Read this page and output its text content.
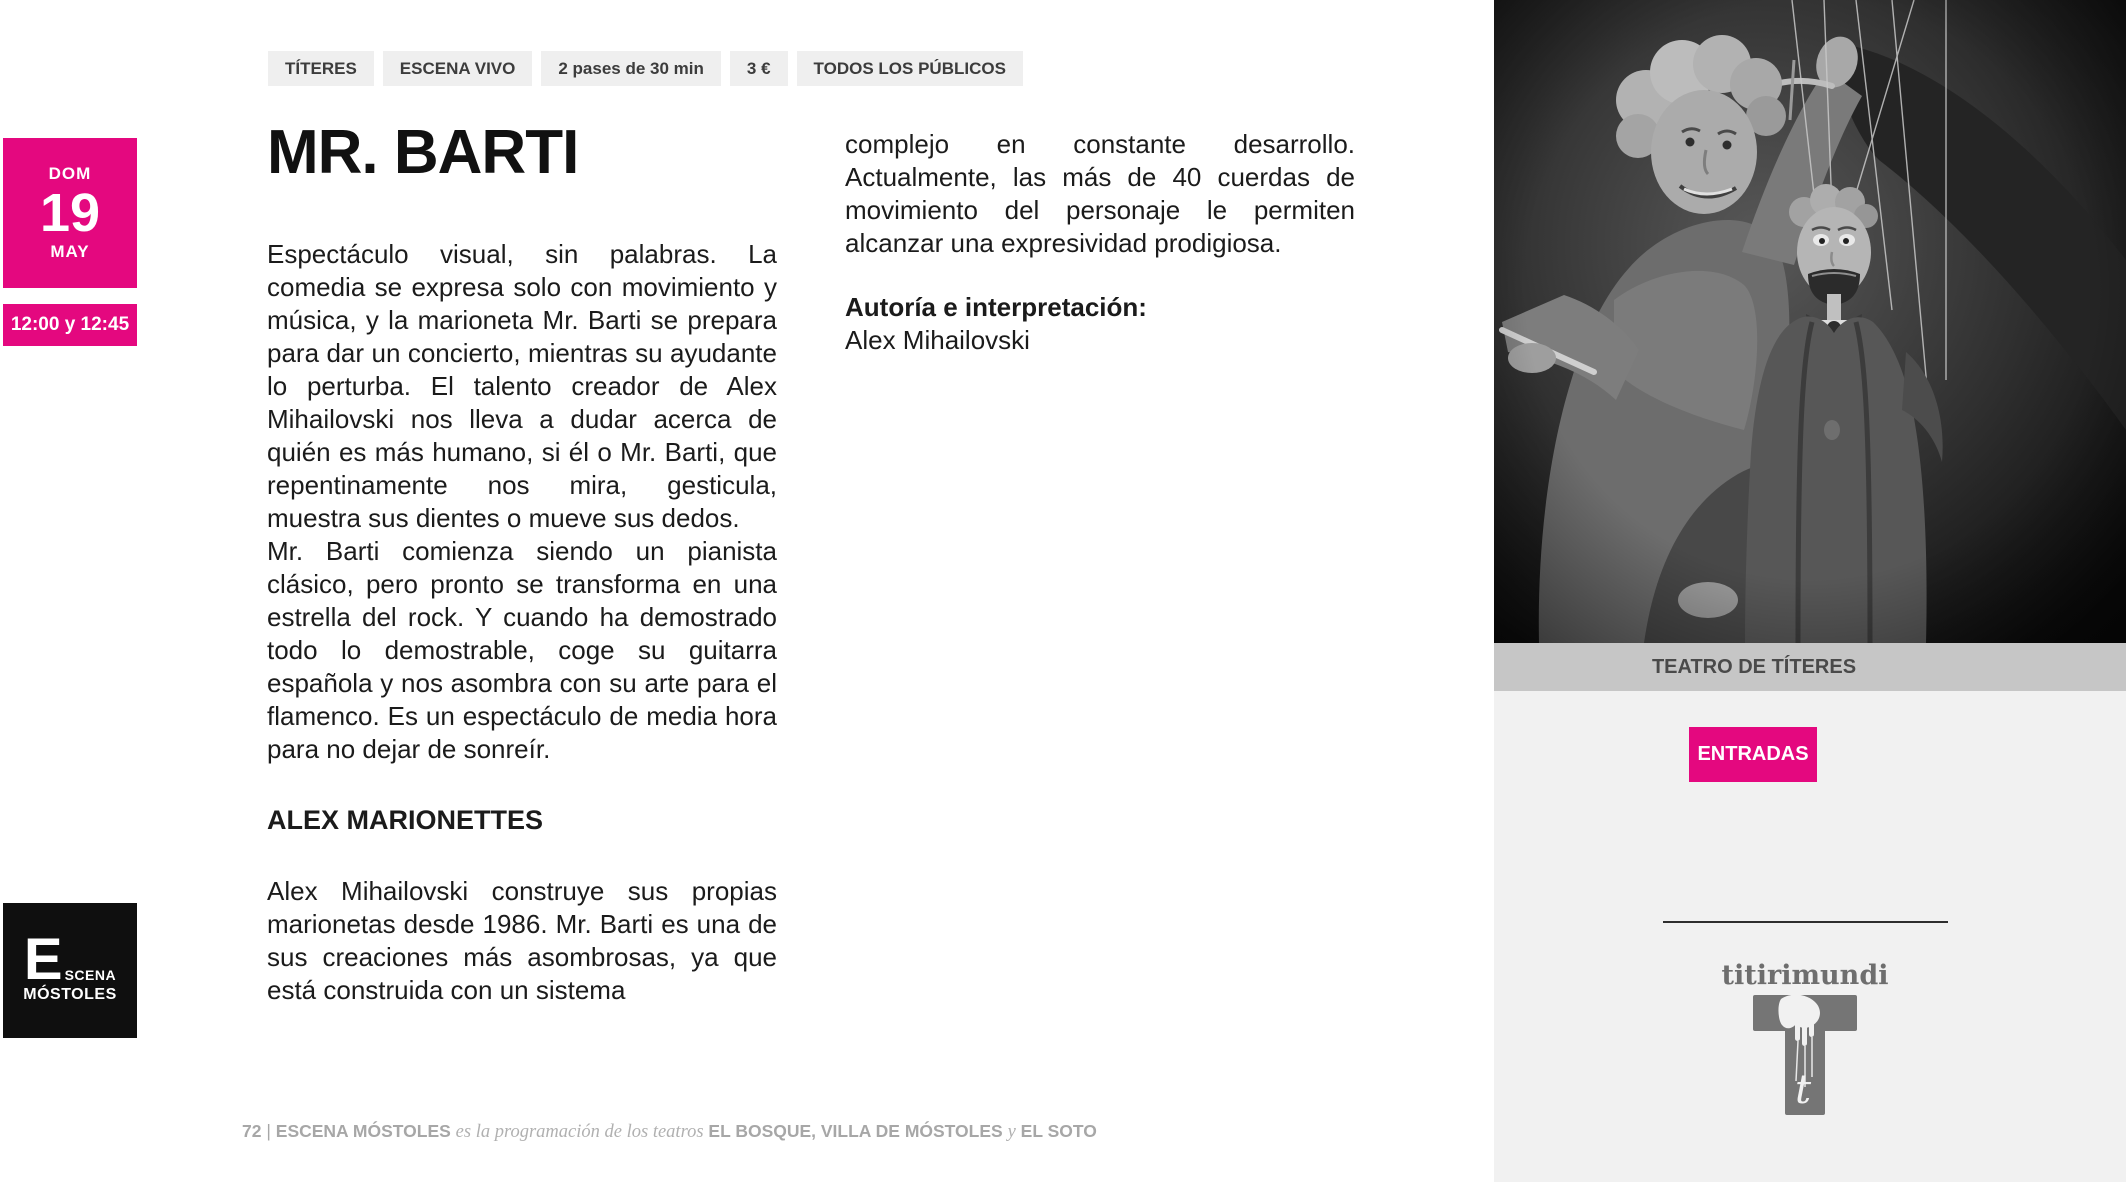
TÍTERES	ESCENA VIVO	2 pases de 30 min	3 €	TODOS LOS PÚBLICOS
DOM
19
MAY
12:00 y 12:45
E SCENA
MÓSTOLES
MR. BARTI

Espectáculo visual, sin palabras. La comedia se expresa solo con movimiento y música, y la marioneta Mr. Barti se prepara para dar un concierto, mientras su ayudante lo perturba. El talento creador de Alex Mihailovski nos lleva a dudar acerca de quién es más humano, si él o Mr. Barti, que repentinamente nos mira, gesticula, muestra sus dientes o mueve sus dedos.

Mr. Barti comienza siendo un pianista clásico, pero pronto se transforma en una estrella del rock. Y cuando ha demostrado todo lo demostrable, coge su guitarra española y nos asombra con su arte para el flamenco. Es un espectáculo de media hora para no dejar de sonreír.

ALEX MARIONETTES

Alex Mihailovski construye sus propias marionetas desde 1986. Mr. Barti es una de sus creaciones más asombrosas, ya que está construida con un sistema

complejo en constante desarrollo. Actualmente, las más de 40 cuerdas de movimiento del personaje le permiten alcanzar una expresividad prodigiosa.

Autoría e interpretación:
Alex Mihailovski
TEATRO DE TÍTERES
ENTRADAS
titirimundi
t
72 | ESCENA MÓSTOLES es la programación de los teatros EL BOSQUE, VILLA DE MÓSTOLES y EL SOTO
